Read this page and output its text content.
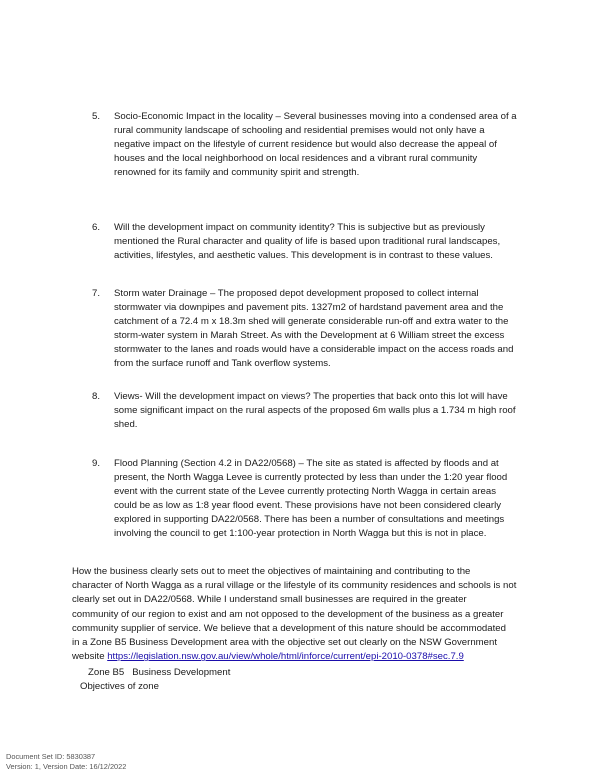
5.	Socio-Economic Impact in the locality – Several businesses moving into a condensed area of a
rural community landscape of schooling and residential premises would not only have a
negative impact on the lifestyle of current residence but would also decrease the appeal of
houses and the local neighborhood on local residences and a vibrant rural community
renowned for its family and community spirit and strength.
6.	Will the development impact on community identity? This is subjective but as previously
mentioned the Rural character and quality of life is based upon traditional rural landscapes,
activities, lifestyles, and aesthetic values. This development is in contrast to these values.
7.	Storm water Drainage – The proposed depot development proposed to collect internal
stormwater via downpipes and pavement pits. 1327m2 of hardstand pavement area and the
catchment of a 72.4 m x 18.3m shed will generate considerable run-off and extra water to the
storm-water system in Marah Street. As with the Development at 6 William street the excess
stormwater to the lanes and roads would have a considerable impact on the access roads and
from the surface runoff and Tank overflow systems.
8.	Views- Will the development impact on views? The properties that back onto this lot will have
some significant impact on the rural aspects of the proposed 6m walls plus a 1.734 m high roof
shed.
9.	Flood Planning (Section 4.2 in DA22/0568) – The site as stated is affected by floods and at
present, the North Wagga Levee is currently protected by less than under the 1:20 year flood
event with the current state of the Levee currently protecting North Wagga in certain areas
could be as low as 1:8 year flood event. These provisions have not been considered clearly
explored in supporting DA22/0568. There has been a number of consultations and meetings
involving the council to get 1:100-year protection in North Wagga but this is not in place.
How the business clearly sets out to meet the objectives of maintaining and contributing to the
character of North Wagga as a rural village or the lifestyle of its community residences and schools is not
clearly set out in DA22/0568. While I understand small businesses are required in the greater
community of our region to exist and am not opposed to the development of the business as a greater
community supplier of service. We believe that a development of this nature should be accommodated
in a Zone B5 Business Development area with the objective set out clearly on the NSW Government
website https://legislation.nsw.gov.au/view/whole/html/inforce/current/epi-2010-0378#sec.7.9
Zone B5   Business Development
Objectives of zone
Document Set ID: 5830387
Version: 1, Version Date: 16/12/2022
